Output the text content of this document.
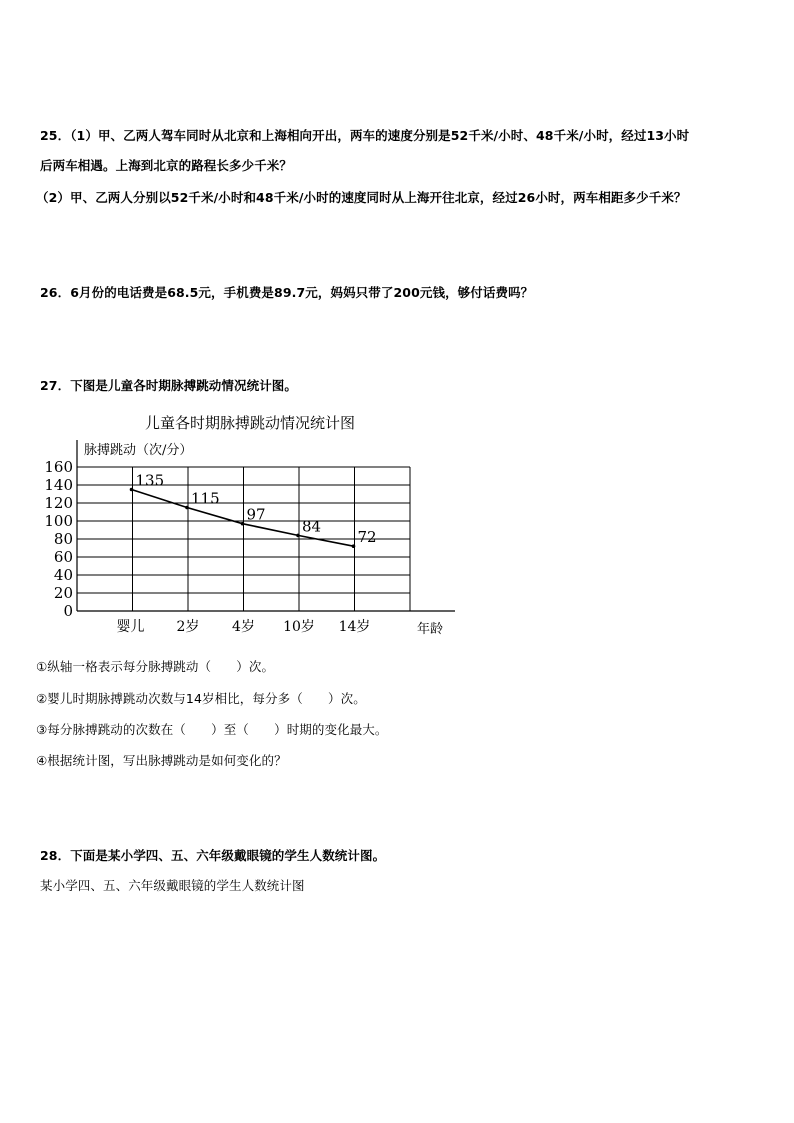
25．（1）甲、乙两人驾车同时从北京和上海相向开出，两车的速度分别是52千米/小时、48千米/小时，经过13小时
后两车相遇。上海到北京的路程长多少千米？
（2）甲、乙两人分别以52千米/小时和48千米/小时的速度同时从上海开往北京，经过26小时，两车相距多少千米？
26．6月份的电话费是68.5元，手机费是89.7元，妈妈只带了200元钱，够付话费吗？
27．下图是儿童各时期脉搏跳动情况统计图。
儿童各时期脉搏跳动情况统计图
脉搏跳动（次/分）
年龄
0
20
40
60
80
100
120
140
160
婴儿 2岁 4岁 10岁 14岁
135
115
97
84
72
①纵轴一格表示每分脉搏跳动（　　）次。
②婴儿时期脉搏跳动次数与14岁相比，每分多（　　）次。
③每分脉搏跳动的次数在（　　）至（　　）时期的变化最大。
④根据统计图，写出脉搏跳动是如何变化的？
28．下面是某小学四、五、六年级戴眼镜的学生人数统计图。
某小学四、五、六年级戴眼镜的学生人数统计图
